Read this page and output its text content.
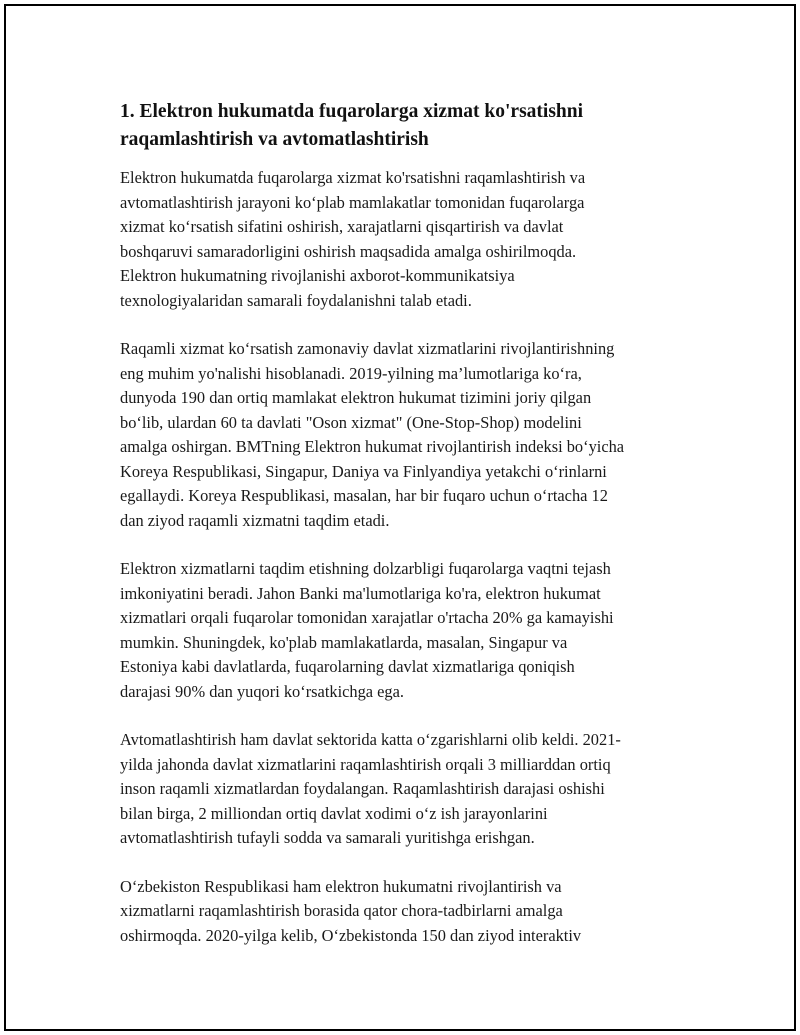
1. Elektron hukumatda fuqarolarga xizmat ko'rsatishni
raqamlashtirish va avtomatlashtirish

Elektron hukumatda fuqarolarga xizmat ko'rsatishni raqamlashtirish va
avtomatlashtirish jarayoni ko‘plab mamlakatlar tomonidan fuqarolarga
xizmat ko‘rsatish sifatini oshirish, xarajatlarni qisqartirish va davlat
boshqaruvi samaradorligini oshirish maqsadida amalga oshirilmoqda.
Elektron hukumatning rivojlanishi axborot-kommunikatsiya
texnologiyalaridan samarali foydalanishni talab etadi.

Raqamli xizmat ko‘rsatish zamonaviy davlat xizmatlarini rivojlantirishning
eng muhim yo'nalishi hisoblanadi. 2019-yilning ma’lumotlariga ko‘ra,
dunyoda 190 dan ortiq mamlakat elektron hukumat tizimini joriy qilgan
bo‘lib, ulardan 60 ta davlati "Oson xizmat" (One-Stop-Shop) modelini
amalga oshirgan. BMTning Elektron hukumat rivojlantirish indeksi bo‘yicha
Koreya Respublikasi, Singapur, Daniya va Finlyandiya yetakchi o‘rinlarni
egallaydi. Koreya Respublikasi, masalan, har bir fuqaro uchun o‘rtacha 12
dan ziyod raqamli xizmatni taqdim etadi.

Elektron xizmatlarni taqdim etishning dolzarbligi fuqarolarga vaqtni tejash
imkoniyatini beradi. Jahon Banki ma'lumotlariga ko'ra, elektron hukumat
xizmatlari orqali fuqarolar tomonidan xarajatlar o'rtacha 20% ga kamayishi
mumkin. Shuningdek, ko'plab mamlakatlarda, masalan, Singapur va
Estoniya kabi davlatlarda, fuqarolarning davlat xizmatlariga qoniqish
darajasi 90% dan yuqori ko‘rsatkichga ega.

Avtomatlashtirish ham davlat sektorida katta o‘zgarishlarni olib keldi. 2021-
yilda jahonda davlat xizmatlarini raqamlashtirish orqali 3 milliarddan ortiq
inson raqamli xizmatlardan foydalangan. Raqamlashtirish darajasi oshishi
bilan birga, 2 milliondan ortiq davlat xodimi o‘z ish jarayonlarini
avtomatlashtirish tufayli sodda va samarali yuritishga erishgan.

O‘zbekiston Respublikasi ham elektron hukumatni rivojlantirish va
xizmatlarni raqamlashtirish borasida qator chora-tadbirlarni amalga
oshirmoqda. 2020-yilga kelib, O‘zbekistonda 150 dan ziyod interaktiv
